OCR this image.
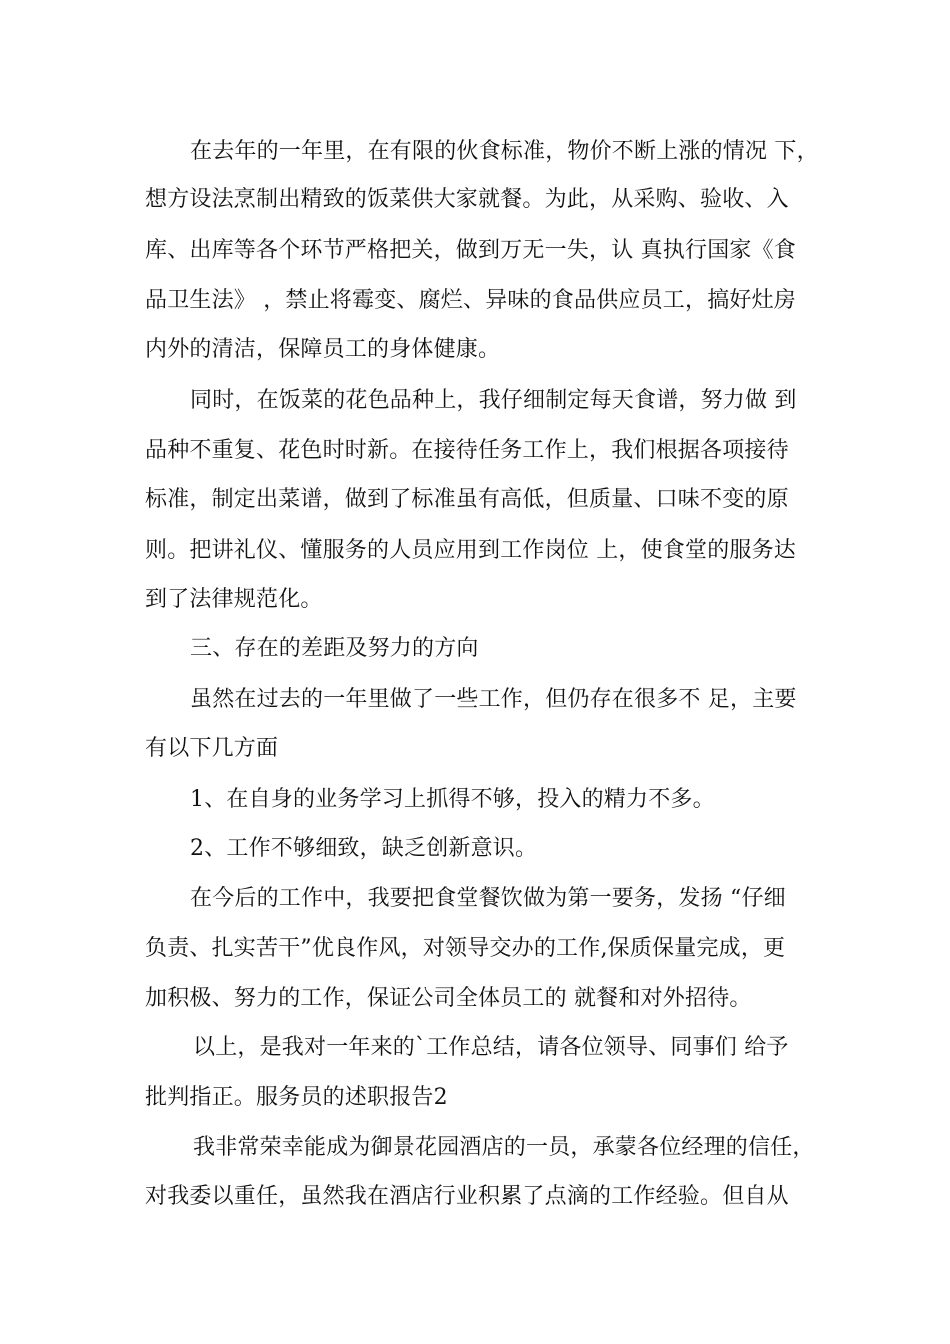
在去年的一年里，在有限的伙食标准，物价不断上涨的情况 下，
想方设法烹制出精致的饭菜供大家就餐。为此，从采购、验收、入
库、出库等各个环节严格把关，做到万无一失，认 真执行国家《食
品卫生法》 ，禁止将霉变、腐烂、异味的食品供应员工，搞好灶房
内外的清洁，保障员工的身体健康。
同时，在饭菜的花色品种上，我仔细制定每天食谱，努力做 到
品种不重复、花色时时新。在接待任务工作上，我们根据各项接待
标准，制定出菜谱，做到了标准虽有高低，但质量、口味不变的原
则。把讲礼仪、懂服务的人员应用到工作岗位 上，使食堂的服务达
到了法律规范化。
三、存在的差距及努力的方向
虽然在过去的一年里做了一些工作，但仍存在很多不 足，主要
有以下几方面
1、在自身的业务学习上抓得不够，投入的精力不多。
2、工作不够细致，缺乏创新意识。
在今后的工作中，我要把食堂餐饮做为第一要务，发扬 “仔细
负责、扎实苦干”优良作风，对领导交办的工作,保质保量完成，更
加积极、努力的工作，保证公司全体员工的 就餐和对外招待。
以上，是我对一年来的`工作总结，请各位领导、同事们 给予
批判指正。服务员的述职报告2
我非常荣幸能成为御景花园酒店的一员，承蒙各位经理的信任，
对我委以重任，虽然我在酒店行业积累了点滴的工作经验。但自从
